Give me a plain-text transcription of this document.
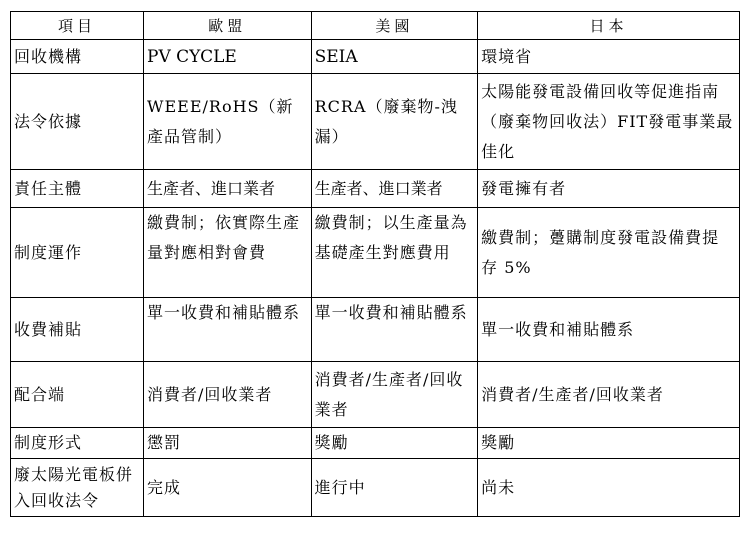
項目	歐盟	美國	日本
回收機構	PV CYCLE	SEIA	環境省
法令依據	WEEE/RoHS（新產品管制）	RCRA（廢棄物-洩漏）	太陽能發電設備回收等促進指南（廢棄物回收法）FIT發電事業最佳化
責任主體	生產者、進口業者	生產者、進口業者	發電擁有者
制度運作	繳費制；依實際生產量對應相對會費	繳費制；以生產量為基礎產生對應費用	繳費制；躉購制度發電設備費提存 5%
收費補貼	單一收費和補貼體系	單一收費和補貼體系	單一收費和補貼體系
配合端	消費者/回收業者	消費者/生產者/回收業者	消費者/生產者/回收業者
制度形式	懲罰	獎勵	獎勵
廢太陽光電板併入回收法令	完成	進行中	尚未
